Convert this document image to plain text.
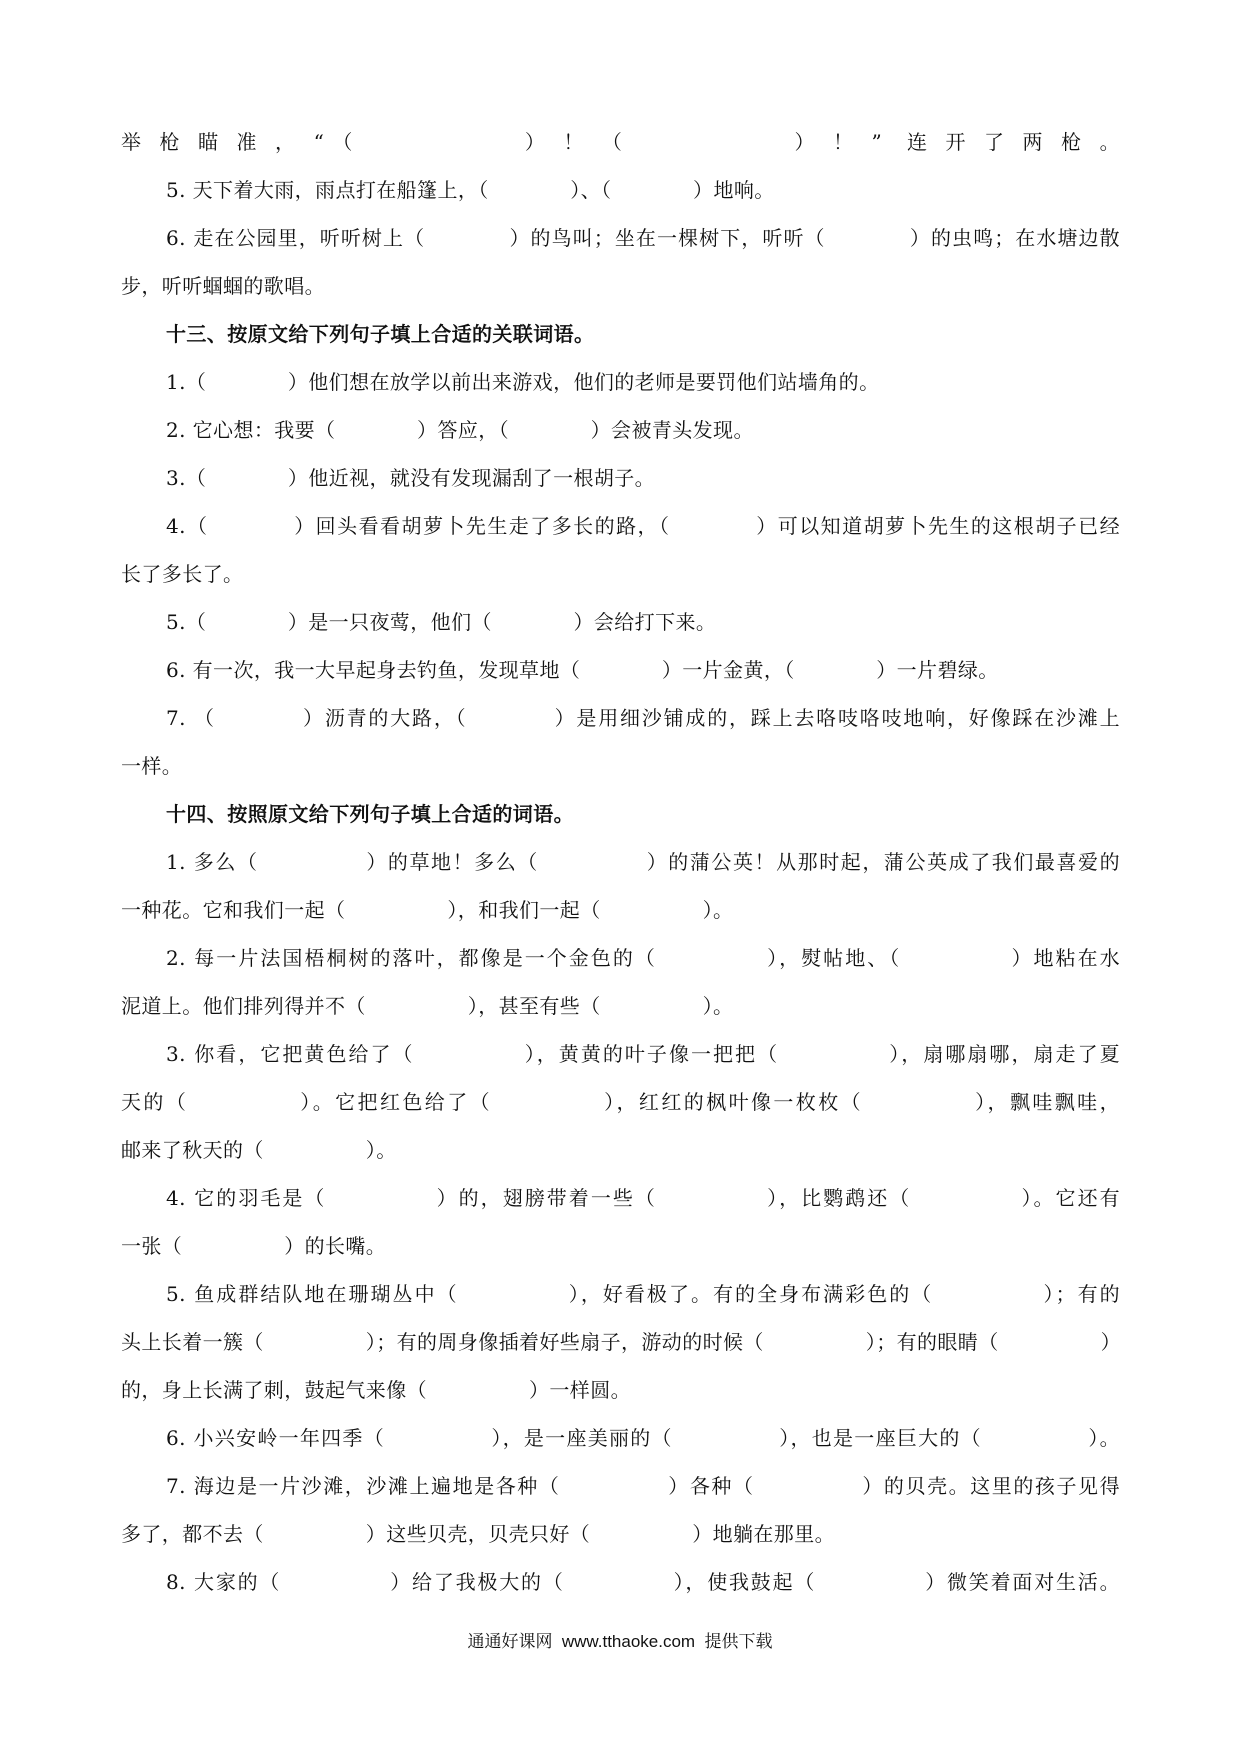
举枪瞄准，“（　　　　）！（　　　　）！” 连开了两枪。
5. 天下着大雨，雨点打在船篷上，（　　　　）、（　　　　）地响。
6. 走在公园里，听听树上（　　　　）的鸟叫；坐在一棵树下，听听（　　　　）的虫鸣；在水塘边散
步，听听蝈蝈的歌唱。
十三、按原文给下列句子填上合适的关联词语。
1.（　　　　）他们想在放学以前出来游戏，他们的老师是要罚他们站墙角的。
2. 它心想：我要（　　　　）答应，（　　　　）会被青头发现。
3.（　　　　）他近视，就没有发现漏刮了一根胡子。
4.（　　　　）回头看看胡萝卜先生走了多长的路，（　　　　）可以知道胡萝卜先生的这根胡子已经
长了多长了。
5.（　　　　）是一只夜莺，他们（　　　　）会给打下来。
6. 有一次，我一大早起身去钓鱼，发现草地（　　　　）一片金黄，（　　　　）一片碧绿。
7. （　　　　）沥青的大路，（　　　　）是用细沙铺成的，踩上去咯吱咯吱地响，好像踩在沙滩上
一样。
十四、按照原文给下列句子填上合适的词语。
1. 多么（　　　　　）的草地！多么（　　　　　）的蒲公英！从那时起，蒲公英成了我们最喜爱的
一种花。它和我们一起（　　　　　），和我们一起（　　　　　）。
2. 每一片法国梧桐树的落叶，都像是一个金色的（　　　　　），熨帖地、（　　　　　）地粘在水
泥道上。他们排列得并不（　　　　　），甚至有些（　　　　　）。
3. 你看，它把黄色给了（　　　　　），黄黄的叶子像一把把（　　　　　），扇哪扇哪，扇走了夏
天的（　　　　　）。它把红色给了（　　　　　），红红的枫叶像一枚枚（　　　　　），飘哇飘哇，
邮来了秋天的（　　　　　）。
4. 它的羽毛是（　　　　　）的，翅膀带着一些（　　　　　），比鹦鹉还（　　　　　）。它还有
一张（　　　　　）的长嘴。
5. 鱼成群结队地在珊瑚丛中（　　　　　），好看极了。有的全身布满彩色的（　　　　　）；有的
头上长着一簇（　　　　　）；有的周身像插着好些扇子，游动的时候（　　　　　）；有的眼睛（　　　　　）
的，身上长满了刺，鼓起气来像（　　　　　）一样圆。
6. 小兴安岭一年四季（　　　　　），是一座美丽的（　　　　　），也是一座巨大的（　　　　　）。
7. 海边是一片沙滩，沙滩上遍地是各种（　　　　　）各种（　　　　　）的贝壳。这里的孩子见得
多了，都不去（　　　　　）这些贝壳，贝壳只好（　　　　　）地躺在那里。
8. 大家的（　　　　　）给了我极大的（　　　　　），使我鼓起（　　　　　）微笑着面对生活。
通通好课网 www.tthaoke.com 提供下载
